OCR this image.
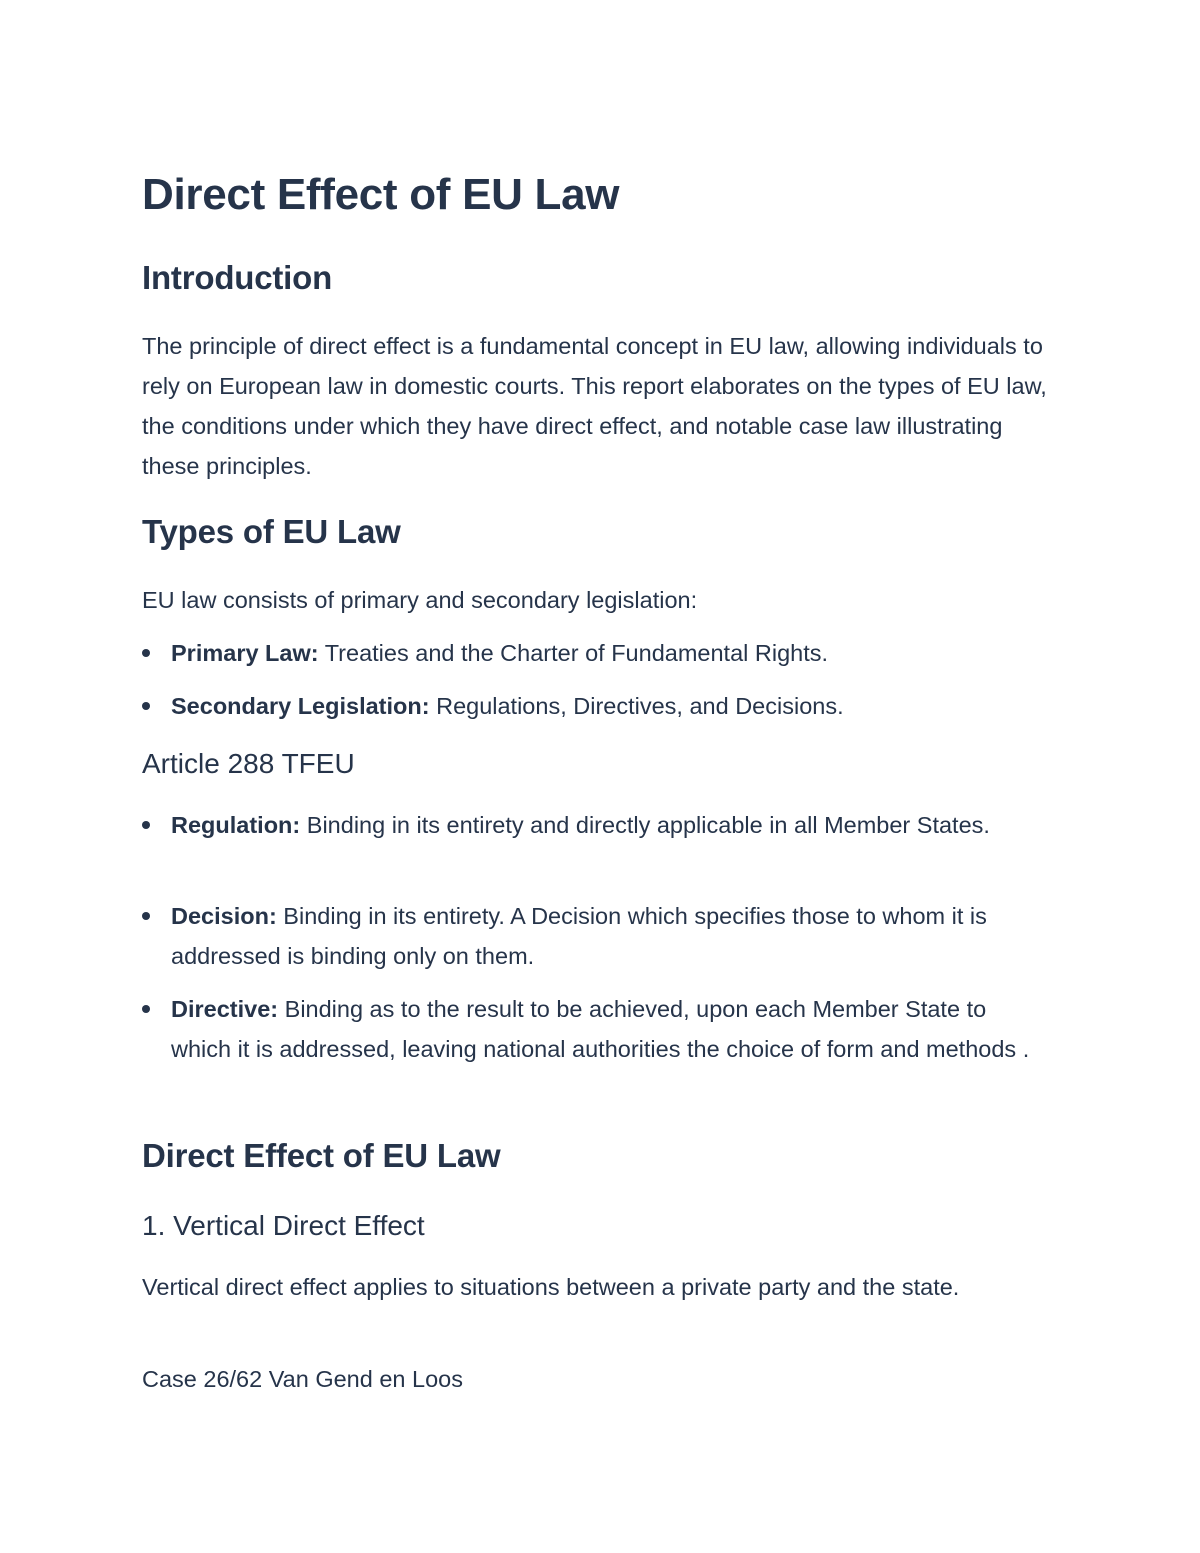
Direct Effect of EU Law
Introduction

The principle of direct effect is a fundamental concept in EU law, allowing individuals to rely on European law in domestic courts. This report elaborates on the types of EU law, the conditions under which they have direct effect, and notable case law illustrating these principles.

Types of EU Law

EU law consists of primary and secondary legislation:

Primary Law: Treaties and the Charter of Fundamental Rights.
Secondary Legislation: Regulations, Directives, and Decisions.
Article 288 TFEU
Regulation: Binding in its entirety and directly applicable in all Member States.
Decision: Binding in its entirety. A Decision which specifies those to whom it is addressed is binding only on them.
Directive: Binding as to the result to be achieved, upon each Member State to which it is addressed, leaving national authorities the choice of form and methods .
Direct Effect of EU Law
1. Vertical Direct Effect

Vertical direct effect applies to situations between a private party and the state.

Case 26/62 Van Gend en Loos
